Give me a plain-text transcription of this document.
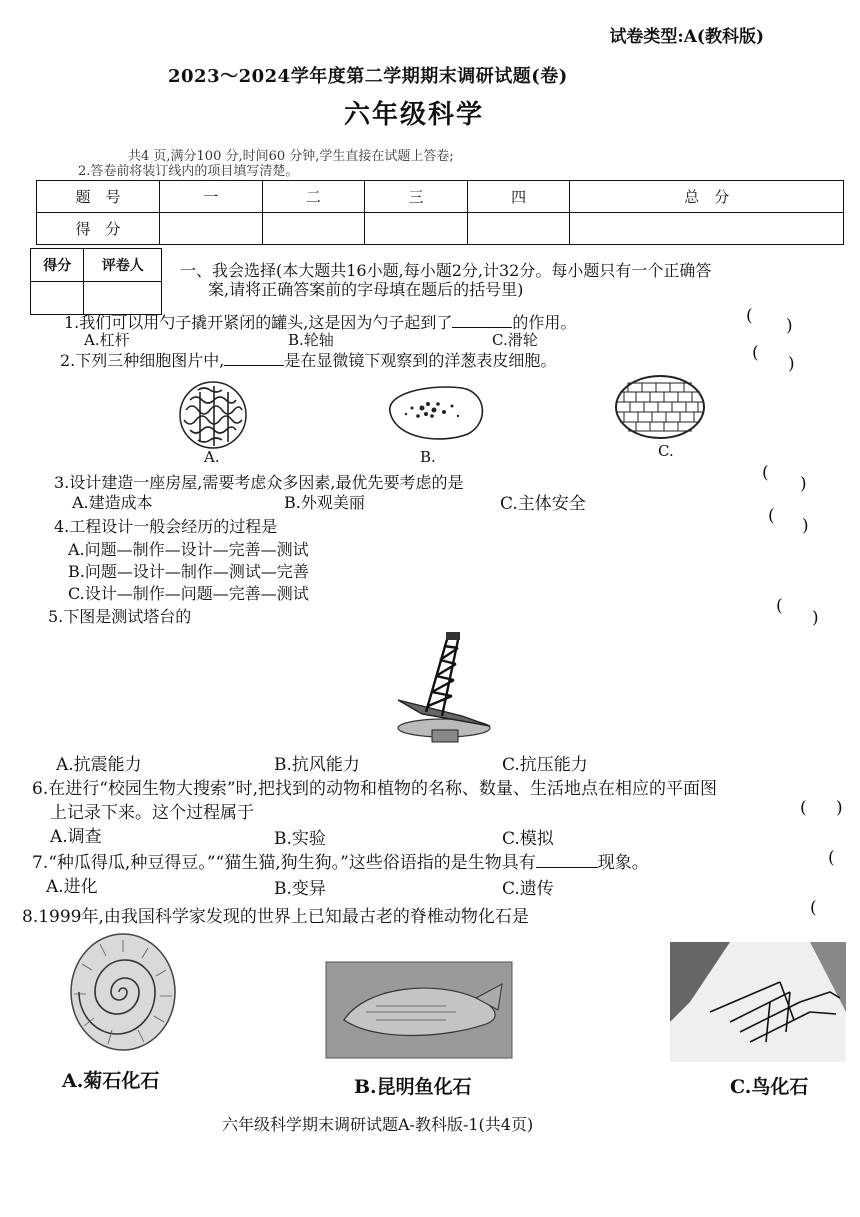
试卷类型:A(教科版)
2023～2024学年度第二学期期末调研试题(卷)
六年级科学
共4 页,满分100 分,时间60 分钟,学生直接在试题上答卷;
2.答卷前将装订线内的项目填写清楚。
题　号	一	二	三	四	总　分
得　分					
得分	评卷人
	一、我会选择(本大题共16小题,每小题2分,计32分。每小题只有一个正确答
案,请将正确答案前的字母填在题后的括号里)
1.我们可以用勺子撬开紧闭的罐头,这是因为勺子起到了	的作用。	( )
A.杠杆	B.轮轴	C.滑轮
2.下列三种细胞图片中,	是在显微镜下观察到的洋葱表皮细胞。	(
)
A.	B.	C.
3.设计建造一座房屋,需要考虑众多因素,最优先要考虑的是	(
)
A.建造成本	B.外观美丽	C.主体安全
4.工程设计一般会经历的过程是
( )
A.问题—制作—设计—完善—测试
B.问题—设计—制作—测试—完善
C.设计—制作—问题—完善—测试
5.下图是测试塔台的
(
)
A.抗震能力	B.抗风能力	C.抗压能力
6.在进行“校园生物大搜索”时,把找到的动物和植物的名称、数量、生活地点在相应的平面图
上记录下来。这个过程属于	( )
A.调查	B.实验	C.模拟
7.“种瓜得瓜,种豆得豆。”“猫生猫,狗生狗。”这些俗语指的是生物具有	现象。	(
A.进化	B.变异	C.遗传
8.1999年,由我国科学家发现的世界上已知最古老的脊椎动物化石是	(
A.菊石化石	B.昆明鱼化石	C.鸟化石
六年级科学期末调研试题A-教科版-1(共4页)
